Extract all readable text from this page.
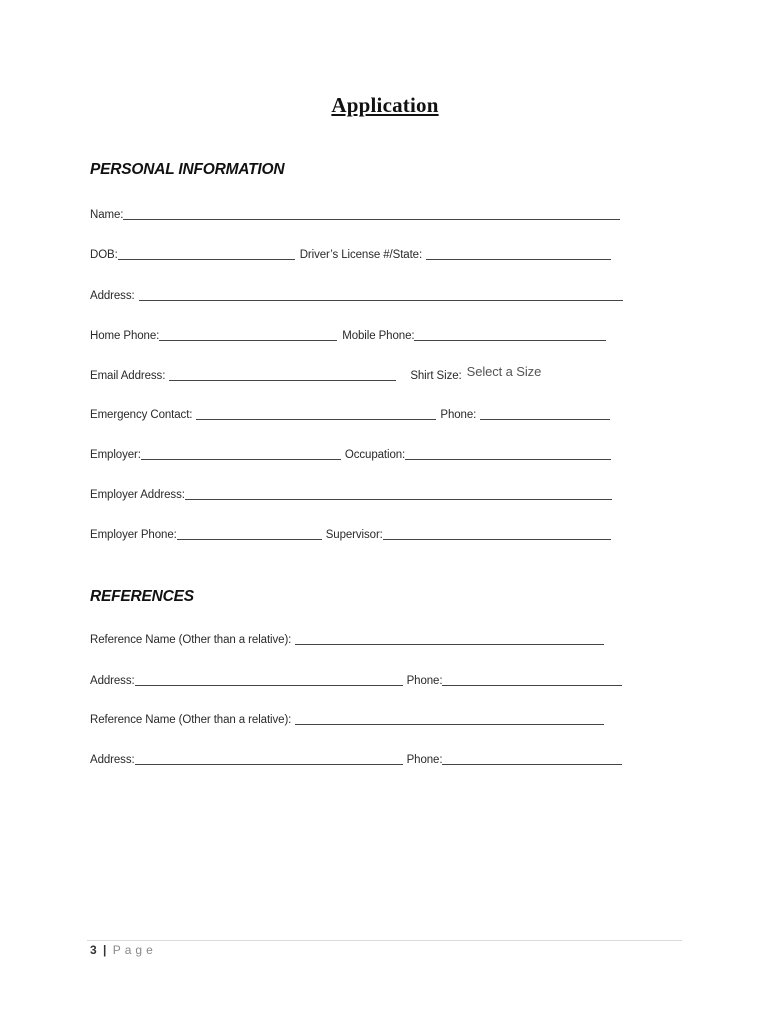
Application
PERSONAL INFORMATION
Name:
DOB:	Driver’s License #/State:
Address:
Home Phone:	Mobile Phone:
Email Address:	Shirt Size: Select a Size
Emergency Contact:	Phone:
Employer:	Occupation:
Employer Address:
Employer Phone:	Supervisor:
REFERENCES
Reference Name (Other than a relative):
Address:	Phone:
Reference Name (Other than a relative):
Address:	Phone:
3 | Page
